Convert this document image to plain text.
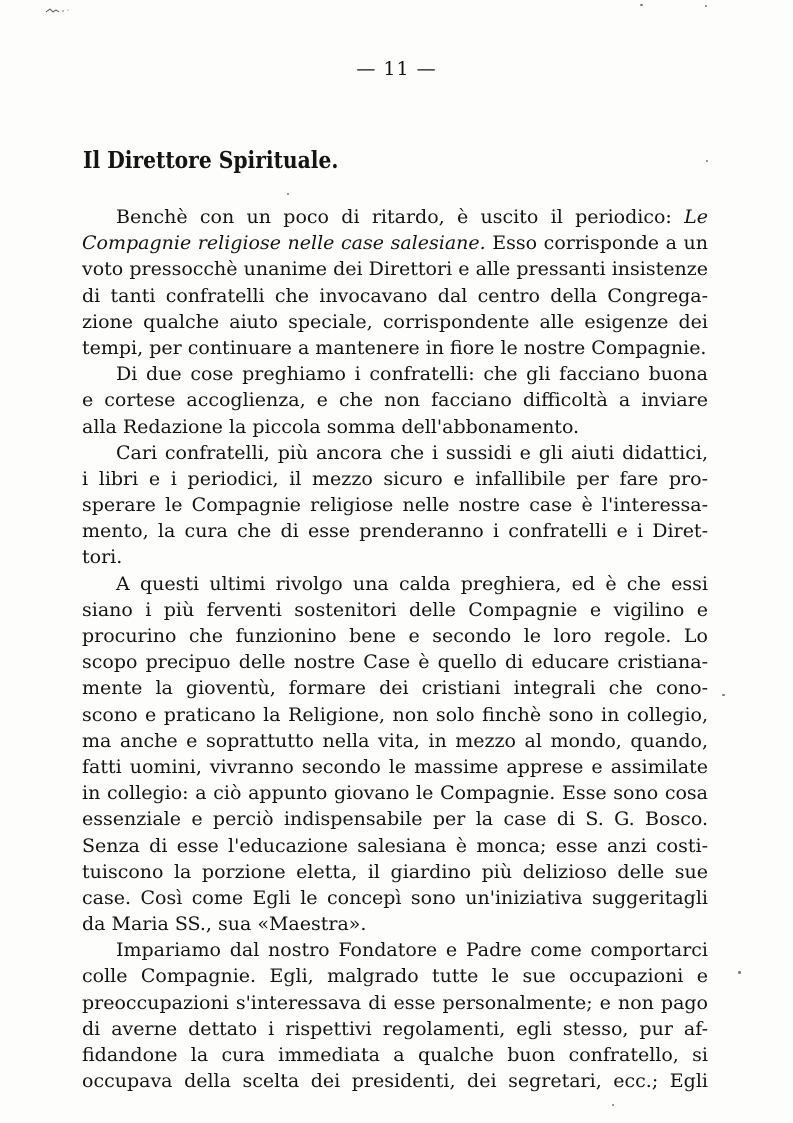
— 11 —
Il Direttore Spirituale.
Benchè con un poco di ritardo, è uscito il periodico: Le
Compagnie religiose nelle case salesiane. Esso corrisponde a un
voto pressocchè unanime dei Direttori e alle pressanti insistenze
di tanti confratelli che invocavano dal centro della Congrega-
zione qualche aiuto speciale, corrispondente alle esigenze dei
tempi, per continuare a mantenere in fiore le nostre Compagnie.
Di due cose preghiamo i confratelli: che gli facciano buona
e cortese accoglienza, e che non facciano difficoltà a inviare
alla Redazione la piccola somma dell'abbonamento.
Cari confratelli, più ancora che i sussidi e gli aiuti didattici,
i libri e i periodici, il mezzo sicuro e infallibile per fare pro-
sperare le Compagnie religiose nelle nostre case è l'interessa-
mento, la cura che di esse prenderanno i confratelli e i Diret-
tori.
A questi ultimi rivolgo una calda preghiera, ed è che essi
siano i più ferventi sostenitori delle Compagnie e vigilino e
procurino che funzionino bene e secondo le loro regole. Lo
scopo precipuo delle nostre Case è quello di educare cristiana-
mente la gioventù, formare dei cristiani integrali che cono-
scono e praticano la Religione, non solo finchè sono in collegio,
ma anche e soprattutto nella vita, in mezzo al mondo, quando,
fatti uomini, vivranno secondo le massime apprese e assimilate
in collegio: a ciò appunto giovano le Compagnie. Esse sono cosa
essenziale e perciò indispensabile per la case di S. G. Bosco.
Senza di esse l'educazione salesiana è monca; esse anzi costi-
tuiscono la porzione eletta, il giardino più delizioso delle sue
case. Così come Egli le concepì sono un'iniziativa suggeritagli
da Maria SS., sua «Maestra».
Impariamo dal nostro Fondatore e Padre come comportarci
colle Compagnie. Egli, malgrado tutte le sue occupazioni e
preoccupazioni s'interessava di esse personalmente; e non pago
di averne dettato i rispettivi regolamenti, egli stesso, pur af-
fidandone la cura immediata a qualche buon confratello, si
occupava della scelta dei presidenti, dei segretari, ecc.; Egli
